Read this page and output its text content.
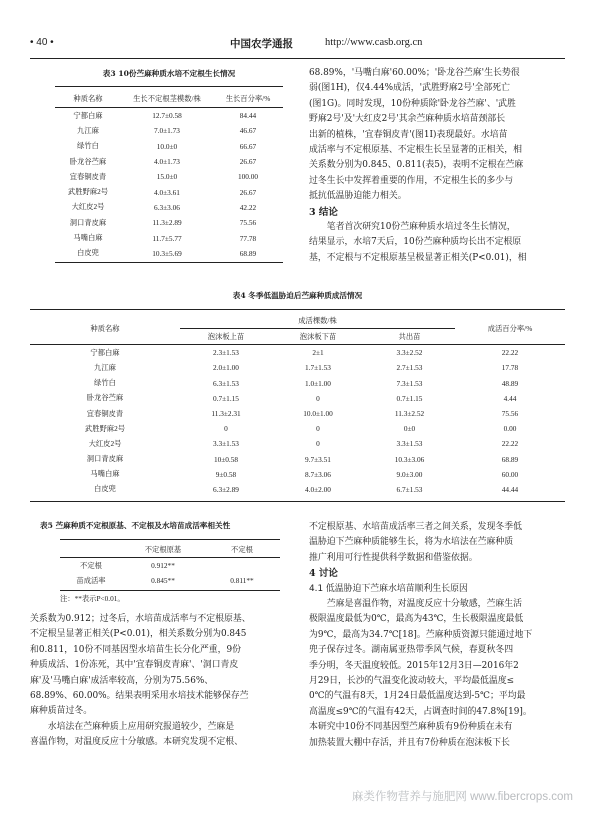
• 40 •	中国农学通报	http://www.casb.org.cn
表3 10份苎麻种质水培不定根生长情况
种质名称	生长不定根茎模数/株	生长百分率/%
宁都白麻	12.7±0.58	84.44
九江麻	7.0±1.73	46.67
绿竹白	10.0±0	66.67
卧龙谷苎麻	4.0±1.73	26.67
宜春铜皮青	15.0±0	100.00
武胜野麻2号	4.0±3.61	26.67
大红皮2号	6.3±3.06	42.22
洞口青皮麻	11.3±2.89	75.56
马嘴白麻	11.7±5.77	77.78
白皮兜	10.3±5.69	68.89
68.89%，'马嘴白麻'60.00%；'卧龙谷苎麻'生长势很
弱(图1H)，仅4.44%成活，'武胜野麻2号'全部死亡
(图1G)。同时发现，10份种质除'卧龙谷苎麻'、'武胜
野麻2号'及'大红皮2号'其余苎麻种质水培苗颈部长
出新的植株，'宜春铜皮青'(图1I)表现最好。水培苗
成活率与不定根原基、不定根生长呈显著的正相关，相
关系数分别为0.845、0.811(表5)，表明不定根在苎麻
过冬生长中发挥着重要的作用，不定根生长的多少与
抵抗低温胁迫能力相关。
3 结论
笔者首次研究10份苎麻种质水培过冬生长情况，
结果显示，水培7天后，10份苎麻种质均长出不定根原
基，不定根与不定根原基呈极显著正相关(P<0.01)，相
表4 冬季低温胁迫后苎麻种质成活情况
种质名称	成活棵数/株			成活百分率/%
	泡沫板上苗	泡沫板下苗	共出苗	
宁都白麻	2.3±1.53	2±1	3.3±2.52	22.22
九江麻	2.0±1.00	1.7±1.53	2.7±1.53	17.78
绿竹白	6.3±1.53	1.0±1.00	7.3±1.53	48.89
卧龙谷苎麻	0.7±1.15	0	0.7±1.15	4.44
宜春铜皮青	11.3±2.31	10.0±1.00	11.3±2.52	75.56
武胜野麻2号	0	0	0±0	0.00
大红皮2号	3.3±1.53	0	3.3±1.53	22.22
洞口青皮麻	10±0.58	9.7±3.51	10.3±3.06	68.89
马嘴白麻	9±0.58	8.7±3.06	9.0±3.00	60.00
白皮兜	6.3±2.89	4.0±2.00	6.7±1.53	44.44
表5 苎麻种质不定根原基、不定根及水培苗成活率相关性
	不定根原基	不定根
不定根	0.912**	
苗成活率	0.845**	0.811**
注：**表示P<0.01。
关系数为0.912；过冬后，水培苗成活率与不定根原基、
不定根呈显著正相关(P<0.01)，相关系数分别为0.845
和0.811，10份不同基因型水培苗生长分化严重，9份
种质成活、1份冻死，其中'宜春铜皮青麻'、'洞口青皮
麻'及'马嘴白麻'成活率较高，分别为75.56%、
68.89%、60.00%。结果表明采用水培技术能够保存苎
麻种质苗过冬。
水培法在苎麻种质上应用研究报道较少，苎麻是
喜温作物，对温度反应十分敏感。本研究发现不定根、
不定根原基、水培苗成活率三者之间关系，发现冬季低
温胁迫下苎麻种质能够生长，将为水培法在苎麻种质
推广利用可行性提供科学数据和借鉴依据。
4 讨论
4.1 低温胁迫下苎麻水培苗顺利生长原因
苎麻是喜温作物，对温度反应十分敏感，苎麻生活
极限温度最低为0℃，最高为43℃，生长极限温度最低
为9℃，最高为34.7℃[18]。苎麻种质资源只能通过地下
兜子保存过冬。湖南属亚热带季风气候，春夏秋冬四
季分明，冬天温度较低。2015年12月3日—2016年2
月29日，长沙的气温变化波动较大，平均最低温度≤
0℃的气温有8天，1月24日最低温度达到-5℃；平均最
高温度≤9℃的气温有42天，占调查时间的47.8%[19]。
本研究中10份不同基因型苎麻种质有9份种质在未有
加热装置大棚中存活，并且有7份种质在泡沫板下长
麻类作物营养与施肥网 www.fibercrops.com
